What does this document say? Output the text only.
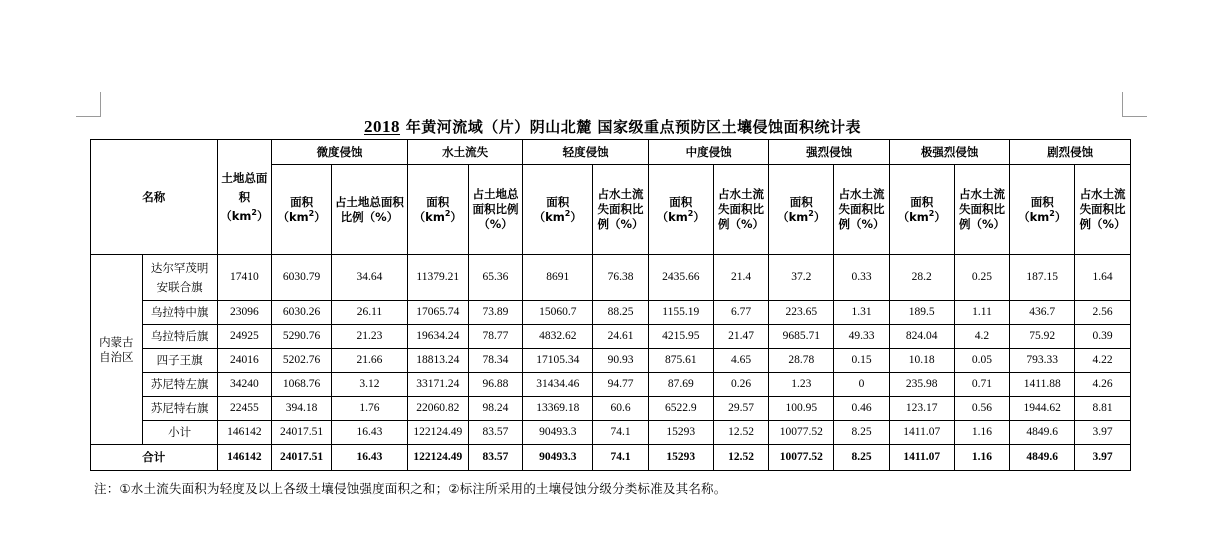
2018 年黄河流域（片）阴山北麓 国家级重点预防区土壤侵蚀面积统计表
名称		土地总面积$(km^2)$	微度侵蚀		水土流失		轻度侵蚀		中度侵蚀		强烈侵蚀		极强烈侵蚀		剧烈侵蚀	
			面积$(km^2)$	占土地总面积比例（%）	面积$(km^2)$	占土地总面积比例（%）	面积$(km^2)$	占水土流失面积比例（%）	面积$(km^2)$	占水土流失面积比例（%）	面积$(km^2)$	占水土流失面积比例（%）	面积$(km^2)$	占水土流失面积比例（%）	面积$(km^2)$	占水土流失面积比例（%）
内蒙古自治区	达尔罕茂明安联合旗	17410	6030.79	34.64	11379.21	65.36	8691	76.38	2435.66	21.4	37.2	0.33	28.2	0.25	187.15	1.64
	乌拉特中旗	23096	6030.26	26.11	17065.74	73.89	15060.7	88.25	1155.19	6.77	223.65	1.31	189.5	1.11	436.7	2.56
	乌拉特后旗	24925	5290.76	21.23	19634.24	78.77	4832.62	24.61	4215.95	21.47	9685.71	49.33	824.04	4.2	75.92	0.39
	四子王旗	24016	5202.76	21.66	18813.24	78.34	17105.34	90.93	875.61	4.65	28.78	0.15	10.18	0.05	793.33	4.22
	苏尼特左旗	34240	1068.76	3.12	33171.24	96.88	31434.46	94.77	87.69	0.26	1.23	0	235.98	0.71	1411.88	4.26
	苏尼特右旗	22455	394.18	1.76	22060.82	98.24	13369.18	60.6	6522.9	29.57	100.95	0.46	123.17	0.56	1944.62	8.81
	小计	146142	24017.51	16.43	122124.49	83.57	90493.3	74.1	15293	12.52	10077.52	8.25	1411.07	1.16	4849.6	3.97
合计		146142	24017.51	16.43	122124.49	83.57	90493.3	74.1	15293	12.52	10077.52	8.25	1411.07	1.16	4849.6	3.97
注：①水土流失面积为轻度及以上各级土壤侵蚀强度面积之和；②标注所采用的土壤侵蚀分级分类标准及其名称。
